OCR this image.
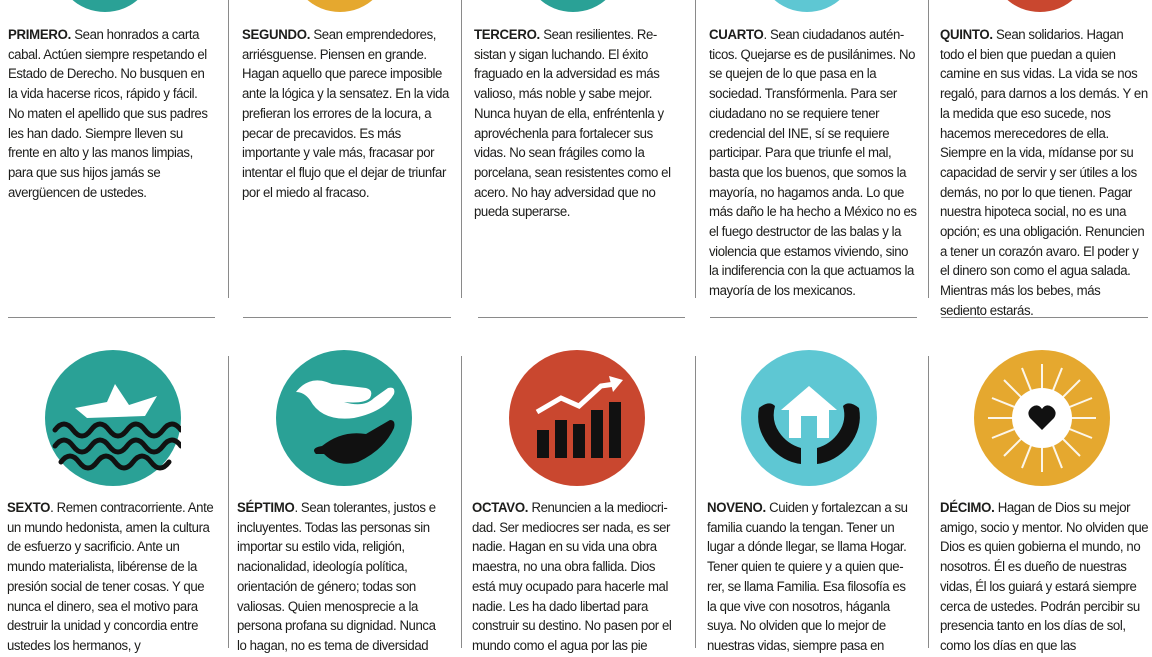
PRIMERO. Sean honrados a carta cabal. Actúen siempre respetando el Estado de Derecho. No busquen en la vida hacerse ricos, rápido y fácil. No maten el apellido que sus padres les han dado. Siempre lleven su frente en alto y las manos limpias, para que sus hijos jamás se avergüencen de ustedes.
SEGUNDO. Sean emprendedores, arriésguense. Piensen en grande. Hagan aquello que parece imposible ante la lógica y la sensatez. En la vida prefieran los errores de la locura, a pecar de precavidos. Es más importante y vale más, fracasar por intentar el flujo que el dejar de triunfar por el miedo al fracaso.
TERCERO. Sean resilientes. Resistan y sigan luchando. El éxito fraguado en la adversidad es más valioso, más noble y sabe mejor. Nunca huyan de ella, enfréntenla y aprovéchenla para fortalecer sus vidas. No sean frágiles como la porcelana, sean resistentes como el acero. No hay adversidad que no pueda superarse.
CUARTO. Sean ciudadanos auténticos. Quejarse es de pusilánimes. No se quejen de lo que pasa en la sociedad. Transfórmenla. Para ser ciudadano no se requiere tener credencial del INE, sí se requiere participar. Para que triunfe el mal, basta que los buenos, que somos la mayoría, no hagamos anda. Lo que más daño le ha hecho a México no es el fuego destructor de las balas y la violencia que estamos viviendo, sino la indiferencia con la que actuamos la mayoría de los mexicanos.
QUINTO. Sean solidarios. Hagan todo el bien que puedan a quien camine en sus vidas. La vida se nos regaló, para darnos a los demás. Y en la medida que eso sucede, nos hacemos merecedores de ella. Siempre en la vida, mídanse por su capacidad de servir y ser útiles a los demás, no por lo que tienen. Pagar nuestra hipoteca social, no es una opción; es una obligación. Renuncien a tener un corazón avaro. El poder y el dinero son como el agua salada. Mientras más los bebes, más sediento estarás.
SEXTO. Remen contracorriente. Ante un mundo hedonista, amen la cultura de esfuerzo y sacrificio. Ante un mundo materialista, libérense de la presión social de tener cosas. Y que nunca el dinero, sea el motivo para destruir la unidad y concordia entre ustedes los hermanos, y
SÉPTIMO. Sean tolerantes, justos e incluyentes. Todas las personas sin importar su estilo vida, religión, nacionalidad, ideología política, orientación de género; todas son valiosas. Quien menosprecie a la persona profana su dignidad. Nunca lo hagan, no es tema de diversidad
OCTAVO. Renuncien a la mediocridad. Ser mediocres ser nada, es ser nadie. Hagan en su vida una obra maestra, no una obra fallida. Dios está muy ocupado para hacerle mal nadie. Les ha dado libertad para construir su destino. No pasen por el mundo como el agua por las pie
NOVENO. Cuiden y fortalezcan a su familia cuando la tengan. Tener un lugar a dónde llegar, se llama Hogar. Tener quien te quiere y a quien querer, se llama Familia. Esa filosofía es la que vive con nosotros, háganla suya. No olviden que lo mejor de nuestras vidas, siempre pasa en
DÉCIMO. Hagan de Dios su mejor amigo, socio y mentor. No olviden que Dios es quien gobierna el mundo, no nosotros. Él es dueño de nuestras vidas, Él los guiará y estará siempre cerca de ustedes. Podrán percibir su presencia tanto en los días de sol, como los días en que las
